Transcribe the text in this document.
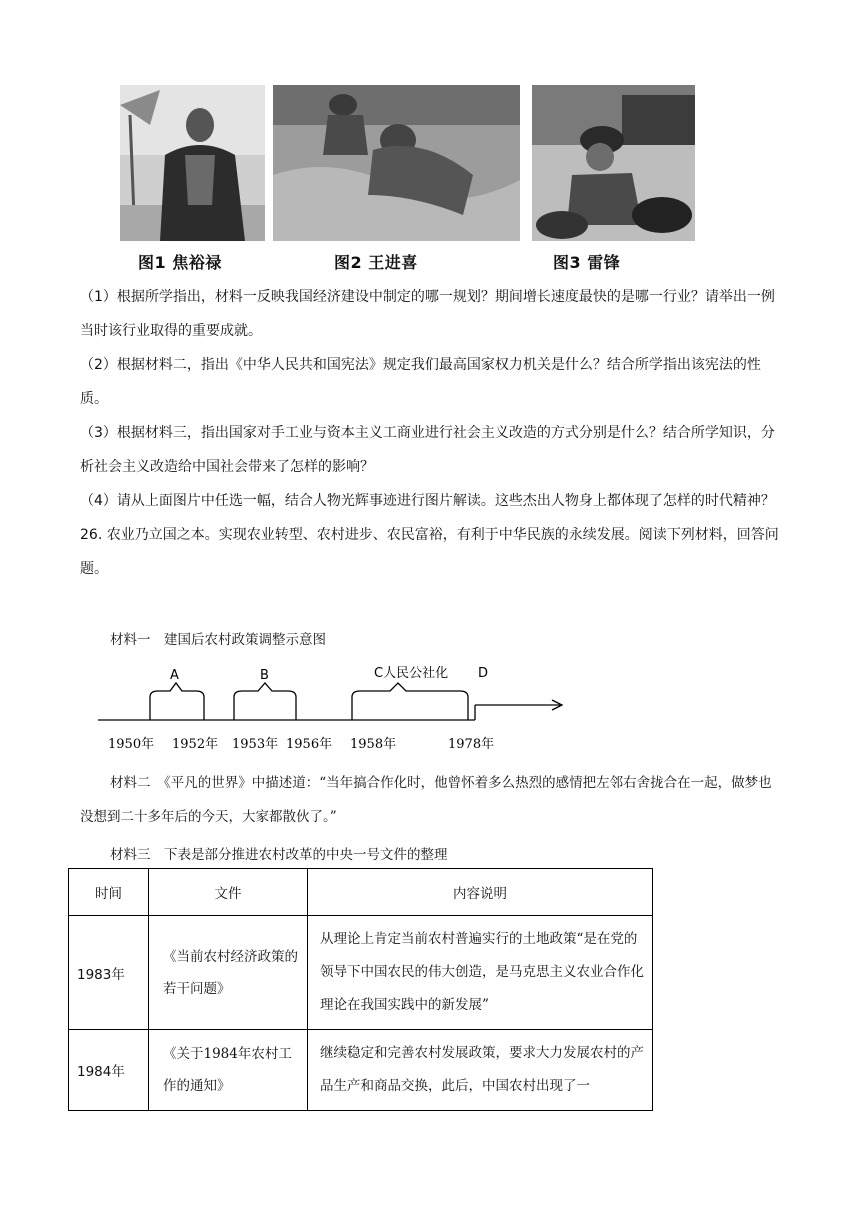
图1 焦裕禄	图2 王进喜	图3 雷锋

（1）根据所学指出，材料一反映我国经济建设中制定的哪一规划？期间增长速度最快的是哪一行业？请举出一例当时该行业取得的重要成就。

（2）根据材料二，指出《中华人民共和国宪法》规定我们最高国家权力机关是什么？结合所学指出该宪法的性质。

（3）根据材料三，指出国家对手工业与资本主义工商业进行社会主义改造的方式分别是什么？结合所学知识，分析社会主义改造给中国社会带来了怎样的影响？

（4）请从上面图片中任选一幅，结合人物光辉事迹进行图片解读。这些杰出人物身上都体现了怎样的时代精神？

26. 农业乃立国之本。实现农业转型、农村进步、农民富裕，有利于中华民族的永续发展。阅读下列材料，回答问题。

材料一　建国后农村政策调整示意图
A	B	C人民公社化 D
1950年 1952年 1953年 1956年 1958年	1978年
材料二　《平凡的世界》中描述道：“当年搞合作化时，他曾怀着多么热烈的感情把左邻右舍拢合在一起，做梦也没想到二十多年后的今天，大家都散伙了。”
材料三　下表是部分推进农村改革的中央一号文件的整理
时间	文件	内容说明
1983年	《当前农村经济政策的若干问题》	从理论上肯定当前农村普遍实行的土地政策“是在党的领导下中国农民的伟大创造，是马克思主义农业合作化理论在我国实践中的新发展”
1984年	《关于1984年农村工作的通知》	继续稳定和完善农村发展政策，要求大力发展农村的产品生产和商品交换，此后，中国农村出现了一
